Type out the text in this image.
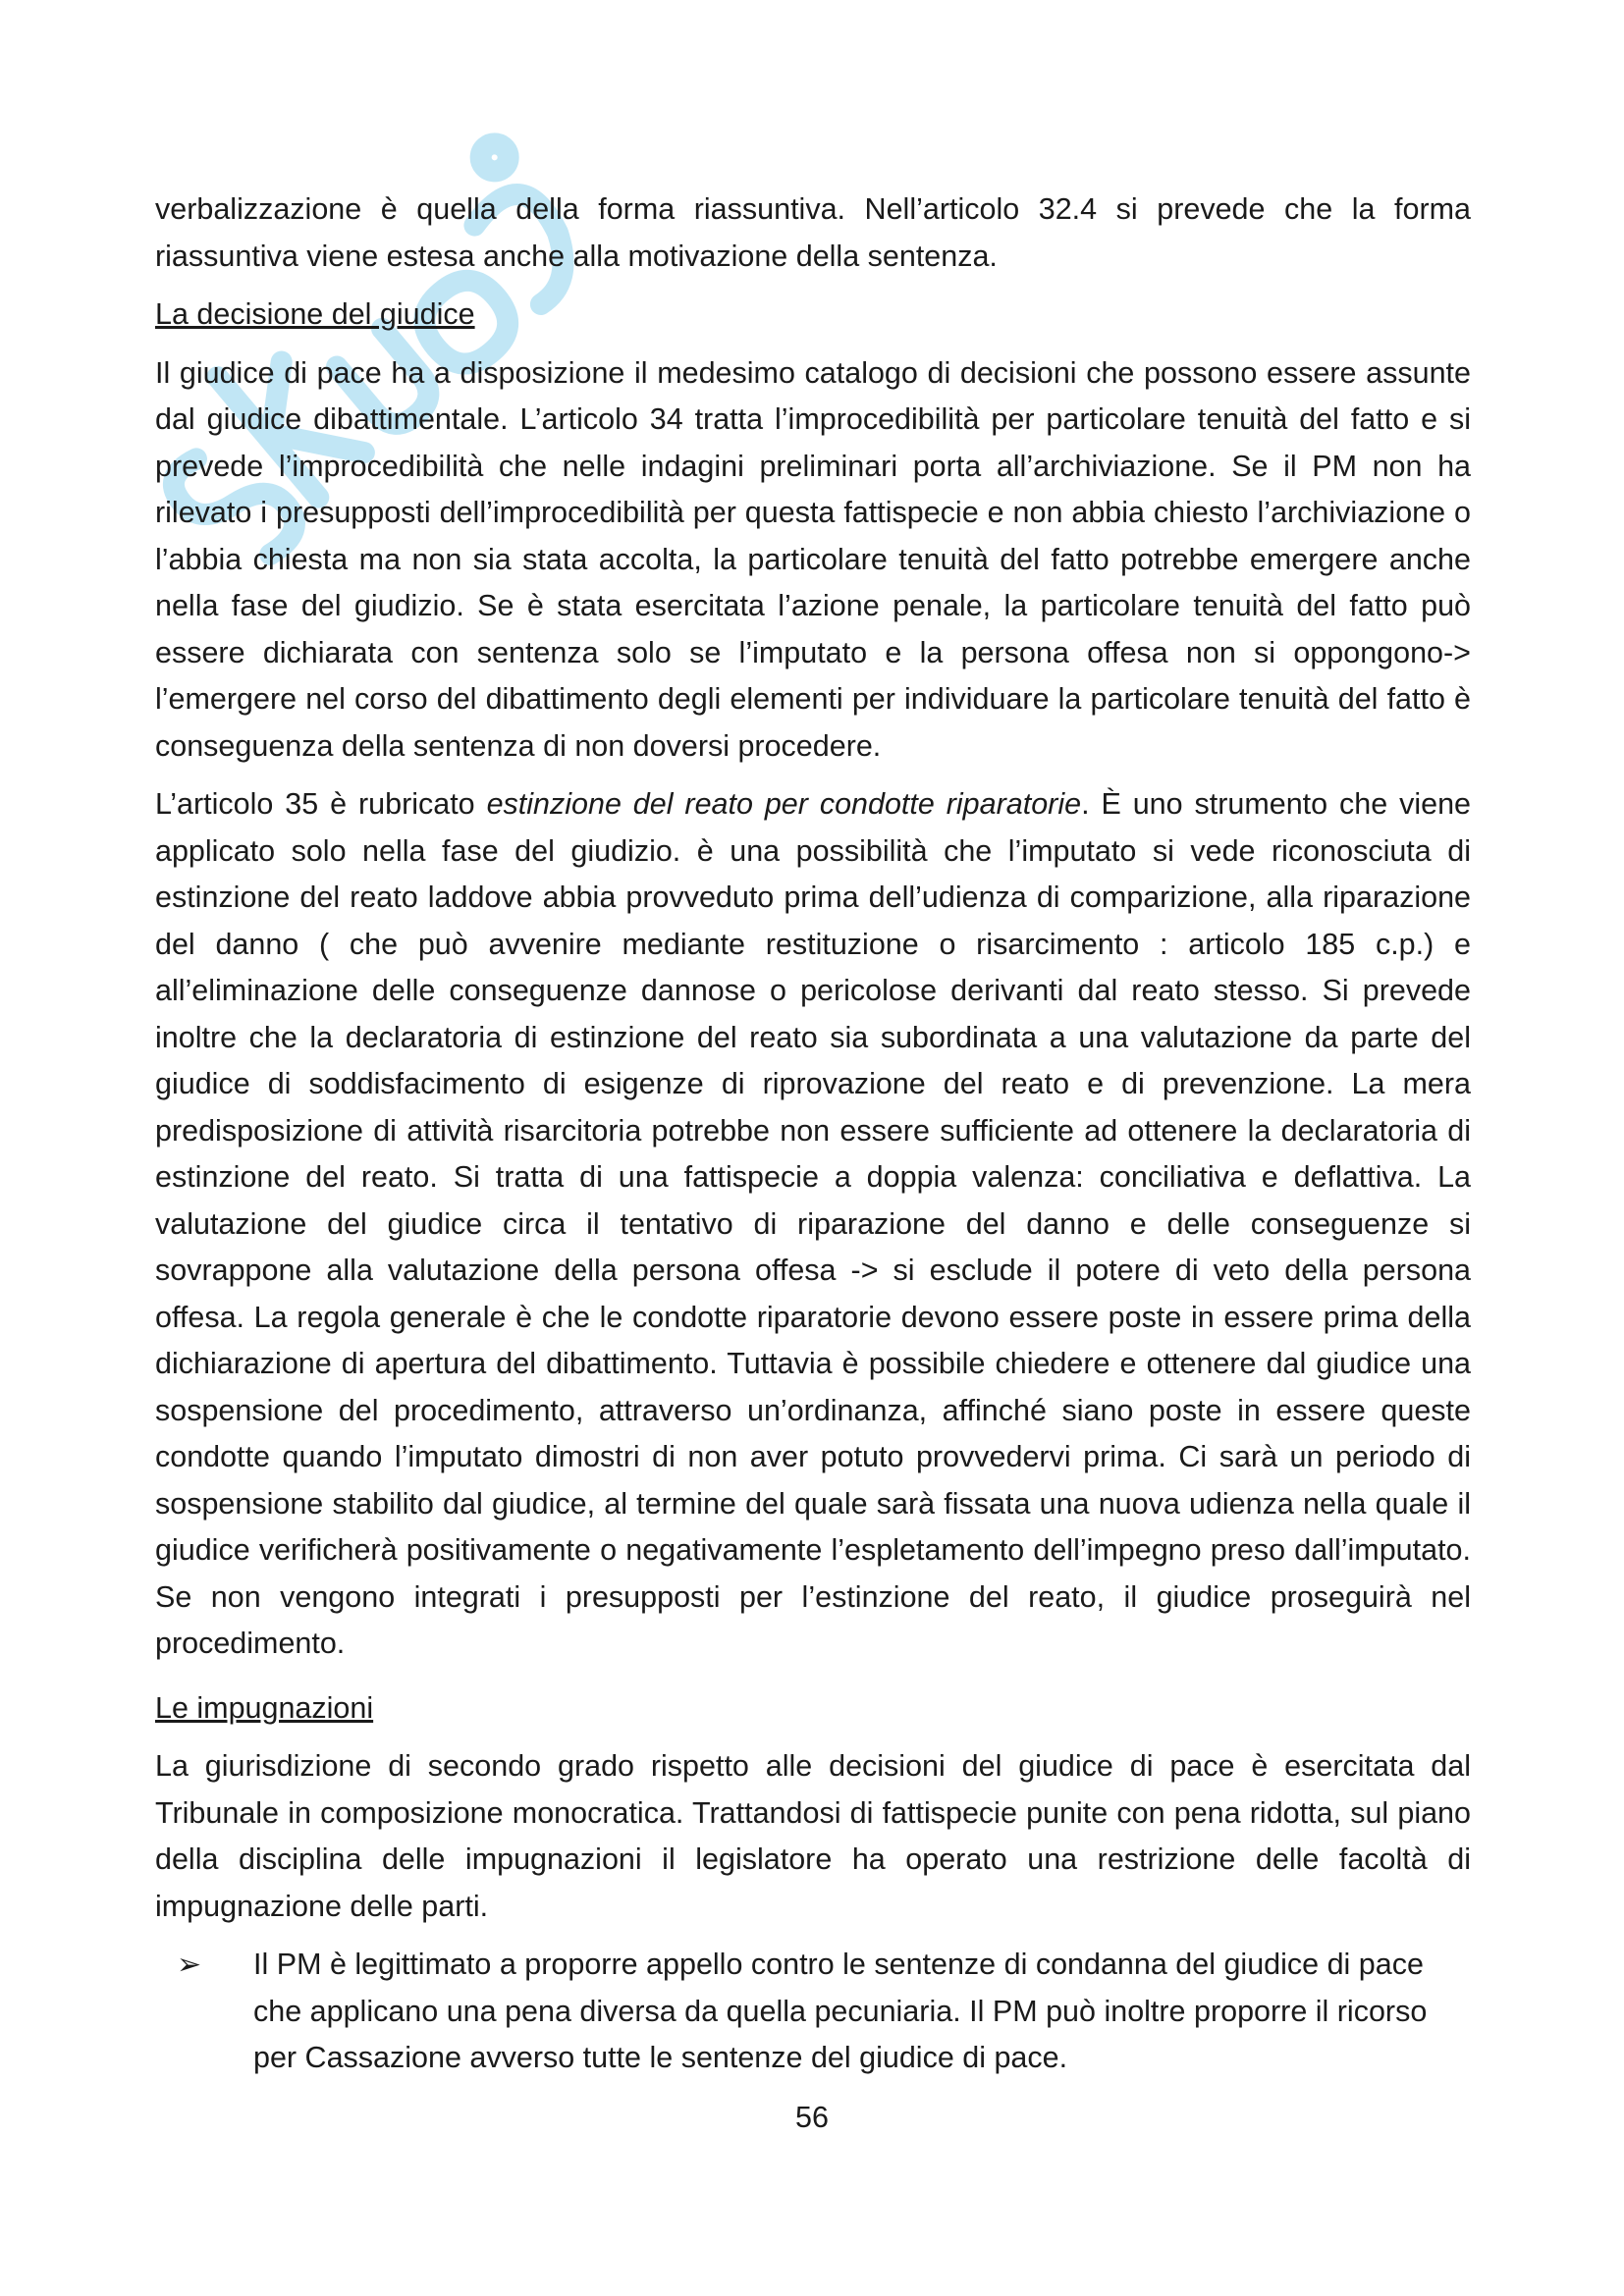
verbalizzazione è quella della forma riassuntiva. Nell’articolo 32.4 si prevede che la forma riassuntiva viene estesa anche alla motivazione della sentenza.

La decisione del giudice

Il giudice di pace ha a disposizione il medesimo catalogo di decisioni che possono essere assunte dal giudice dibattimentale. L’articolo 34 tratta l’improcedibilità per particolare tenuità del fatto e si prevede l’improcedibilità che nelle indagini preliminari porta all’archiviazione. Se il PM non ha rilevato i presupposti dell’improcedibilità per questa fattispecie e non abbia chiesto l’archiviazione o l’abbia chiesta ma non sia stata accolta, la particolare tenuità del fatto potrebbe emergere anche nella fase del giudizio. Se è stata esercitata l’azione penale, la particolare tenuità del fatto può essere dichiarata con sentenza solo se l’imputato e la persona offesa non si oppongono-> l’emergere nel corso del dibattimento degli elementi per individuare la particolare tenuità del fatto è conseguenza della sentenza di non doversi procedere.

L’articolo 35 è rubricato estinzione del reato per condotte riparatorie. È uno strumento che viene applicato solo nella fase del giudizio. è una possibilità che l’imputato si vede riconosciuta di estinzione del reato laddove abbia provveduto prima dell’udienza di comparizione, alla riparazione del danno ( che può avvenire mediante restituzione o risarcimento : articolo 185 c.p.) e all’eliminazione delle conseguenze dannose o pericolose derivanti dal reato stesso. Si prevede inoltre che la declaratoria di estinzione del reato sia subordinata a una valutazione da parte del giudice di soddisfacimento di esigenze di riprovazione del reato e di prevenzione. La mera predisposizione di attività risarcitoria potrebbe non essere sufficiente ad ottenere la declaratoria di estinzione del reato. Si tratta di una fattispecie a doppia valenza: conciliativa e deflattiva. La valutazione del giudice circa il tentativo di riparazione del danno e delle conseguenze si sovrappone alla valutazione della persona offesa -> si esclude il potere di veto della persona offesa. La regola generale è che le condotte riparatorie devono essere poste in essere prima della dichiarazione di apertura del dibattimento. Tuttavia è possibile chiedere e ottenere dal giudice una sospensione del procedimento, attraverso un’ordinanza, affinché siano poste in essere queste condotte quando l’imputato dimostri di non aver potuto provvedervi prima. Ci sarà un periodo di sospensione stabilito dal giudice, al termine del quale sarà fissata una nuova udienza nella quale il giudice verificherà positivamente o negativamente l’espletamento dell’impegno preso dall’imputato. Se non vengono integrati i presupposti per l’estinzione del reato, il giudice proseguirà nel procedimento.

Le impugnazioni

La giurisdizione di secondo grado rispetto alle decisioni del giudice di pace è esercitata dal Tribunale in composizione monocratica. Trattandosi di fattispecie punite con pena ridotta, sul piano della disciplina delle impugnazioni il legislatore ha operato una restrizione delle facoltà di impugnazione delle parti.

➢ Il PM è legittimato a proporre appello contro le sentenze di condanna del giudice di pace che applicano una pena diversa da quella pecuniaria. Il PM può inoltre proporre il ricorso per Cassazione avverso tutte le sentenze del giudice di pace.
56
